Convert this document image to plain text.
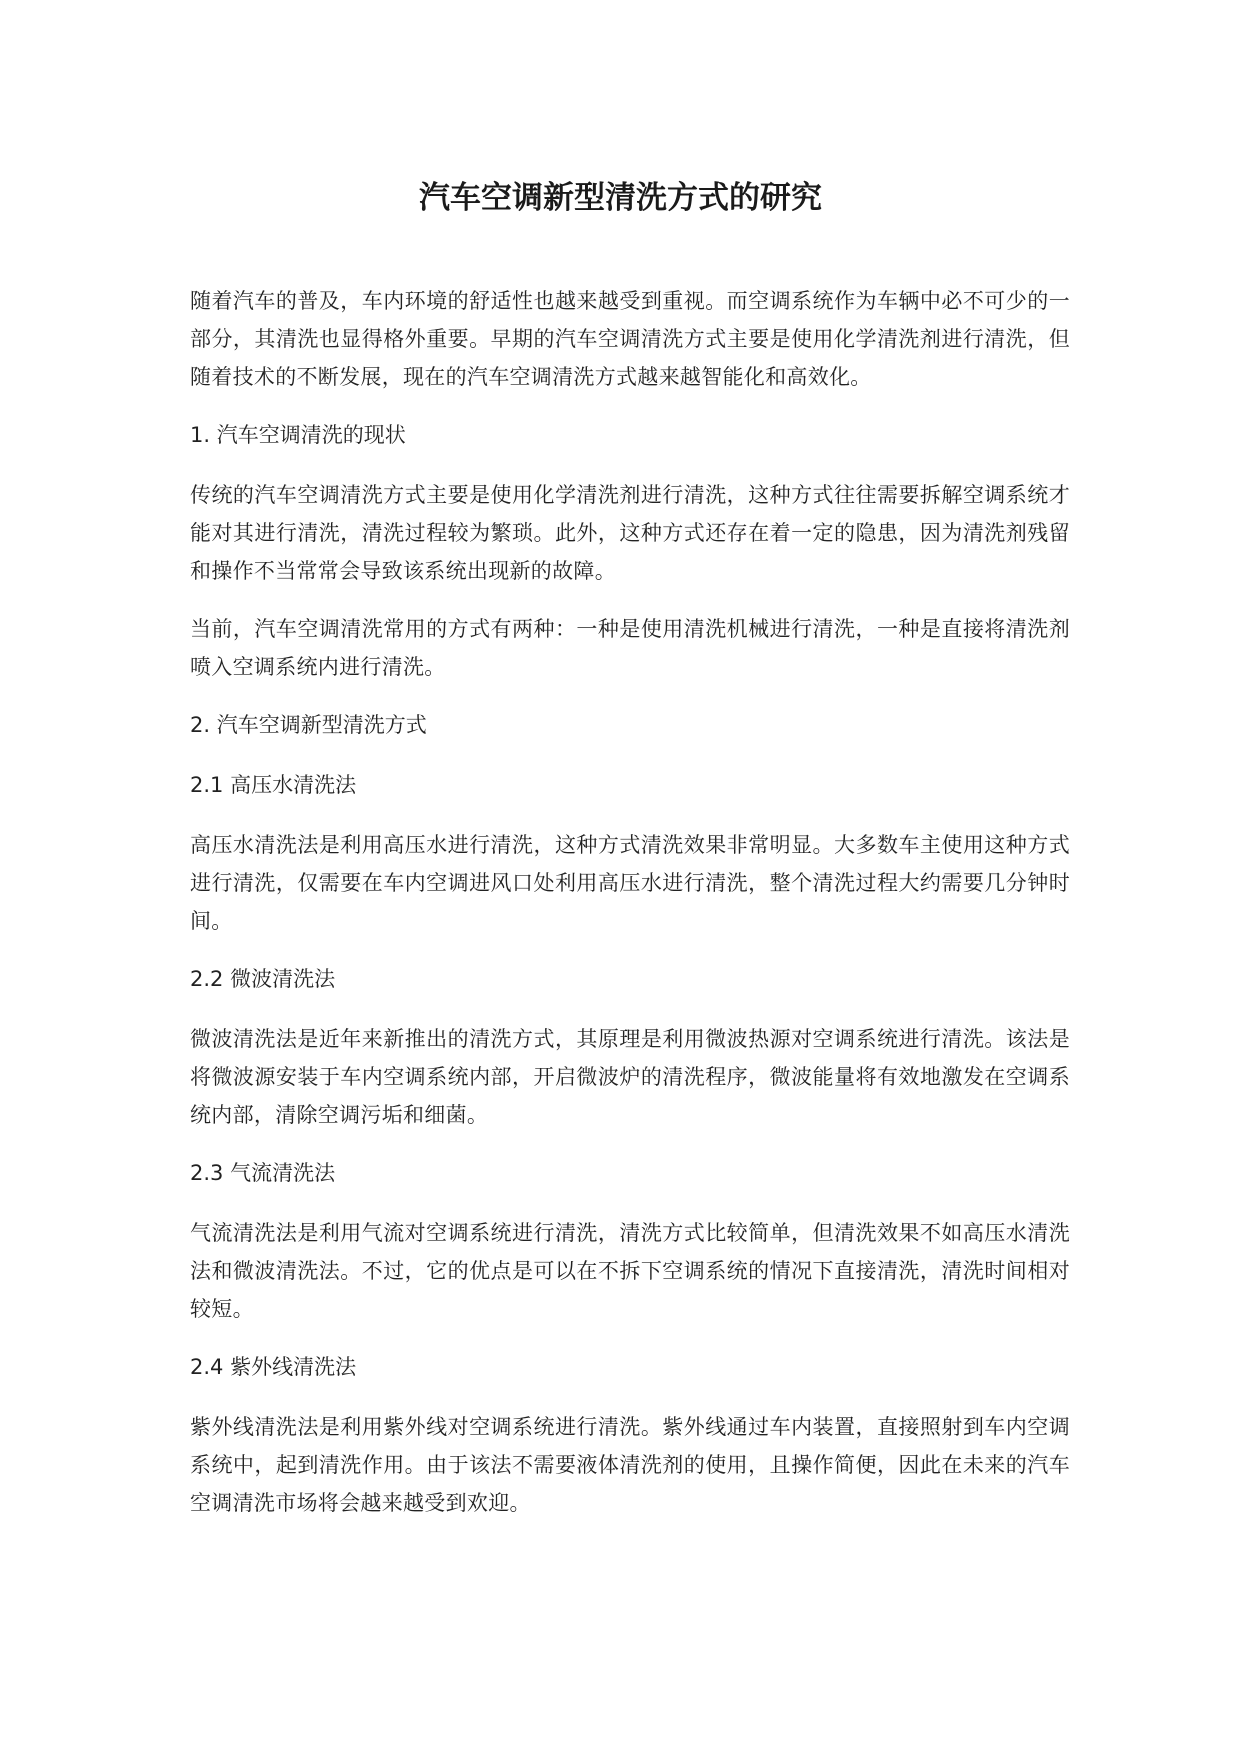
汽车空调新型清洗方式的研究

随着汽车的普及，车内环境的舒适性也越来越受到重视。而空调系统作为车辆中必不可少的一部分，其清洗也显得格外重要。早期的汽车空调清洗方式主要是使用化学清洗剂进行清洗，但随着技术的不断发展，现在的汽车空调清洗方式越来越智能化和高效化。

1. 汽车空调清洗的现状

传统的汽车空调清洗方式主要是使用化学清洗剂进行清洗，这种方式往往需要拆解空调系统才能对其进行清洗，清洗过程较为繁琐。此外，这种方式还存在着一定的隐患，因为清洗剂残留和操作不当常常会导致该系统出现新的故障。

当前，汽车空调清洗常用的方式有两种：一种是使用清洗机械进行清洗，一种是直接将清洗剂喷入空调系统内进行清洗。

2. 汽车空调新型清洗方式

2.1 高压水清洗法

高压水清洗法是利用高压水进行清洗，这种方式清洗效果非常明显。大多数车主使用这种方式进行清洗，仅需要在车内空调进风口处利用高压水进行清洗，整个清洗过程大约需要几分钟时间。

2.2 微波清洗法

微波清洗法是近年来新推出的清洗方式，其原理是利用微波热源对空调系统进行清洗。该法是将微波源安装于车内空调系统内部，开启微波炉的清洗程序，微波能量将有效地激发在空调系统内部，清除空调污垢和细菌。

2.3 气流清洗法

气流清洗法是利用气流对空调系统进行清洗，清洗方式比较简单，但清洗效果不如高压水清洗法和微波清洗法。不过，它的优点是可以在不拆下空调系统的情况下直接清洗，清洗时间相对较短。

2.4 紫外线清洗法

紫外线清洗法是利用紫外线对空调系统进行清洗。紫外线通过车内装置，直接照射到车内空调系统中，起到清洗作用。由于该法不需要液体清洗剂的使用，且操作简便，因此在未来的汽车空调清洗市场将会越来越受到欢迎。
